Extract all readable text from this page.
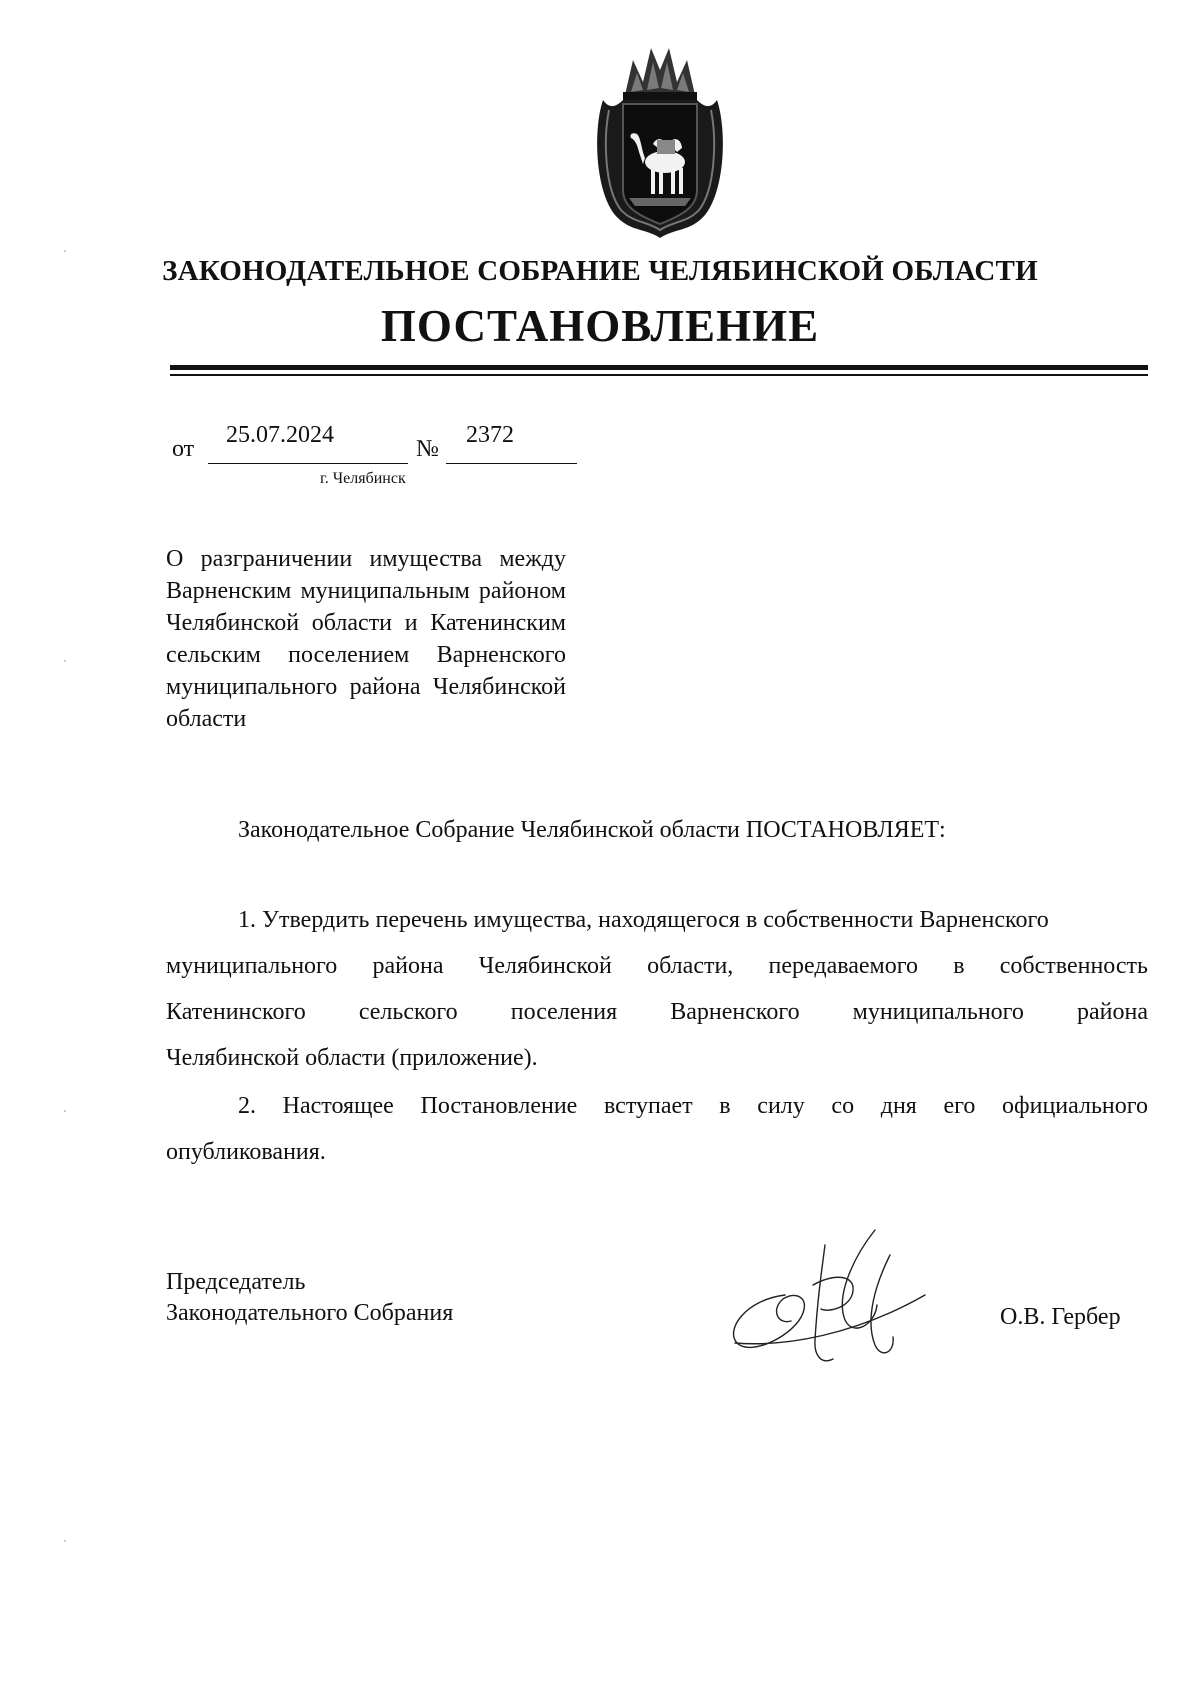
ЗАКОНОДАТЕЛЬНОЕ СОБРАНИЕ ЧЕЛЯБИНСКОЙ ОБЛАСТИ
ПОСТАНОВЛЕНИЕ
от
25.07.2024
№
2372
г. Челябинск
О разграничении имущества между Варненским муниципальным районом Челябинской области и Катенинским сельским поселением Варненского муниципального района Челябинской области
Законодательное Собрание Челябинской области ПОСТАНОВЛЯЕТ:
1. Утвердить перечень имущества, находящегося в собственности Варненского
муниципального района Челябинской области, передаваемого в собственность
Катенинского сельского поселения Варненского муниципального района
Челябинской области (приложение).
2. Настоящее Постановление вступает в силу со дня его официального
опубликования.
Председатель
Законодательного Собрания	О.В. Гербер
